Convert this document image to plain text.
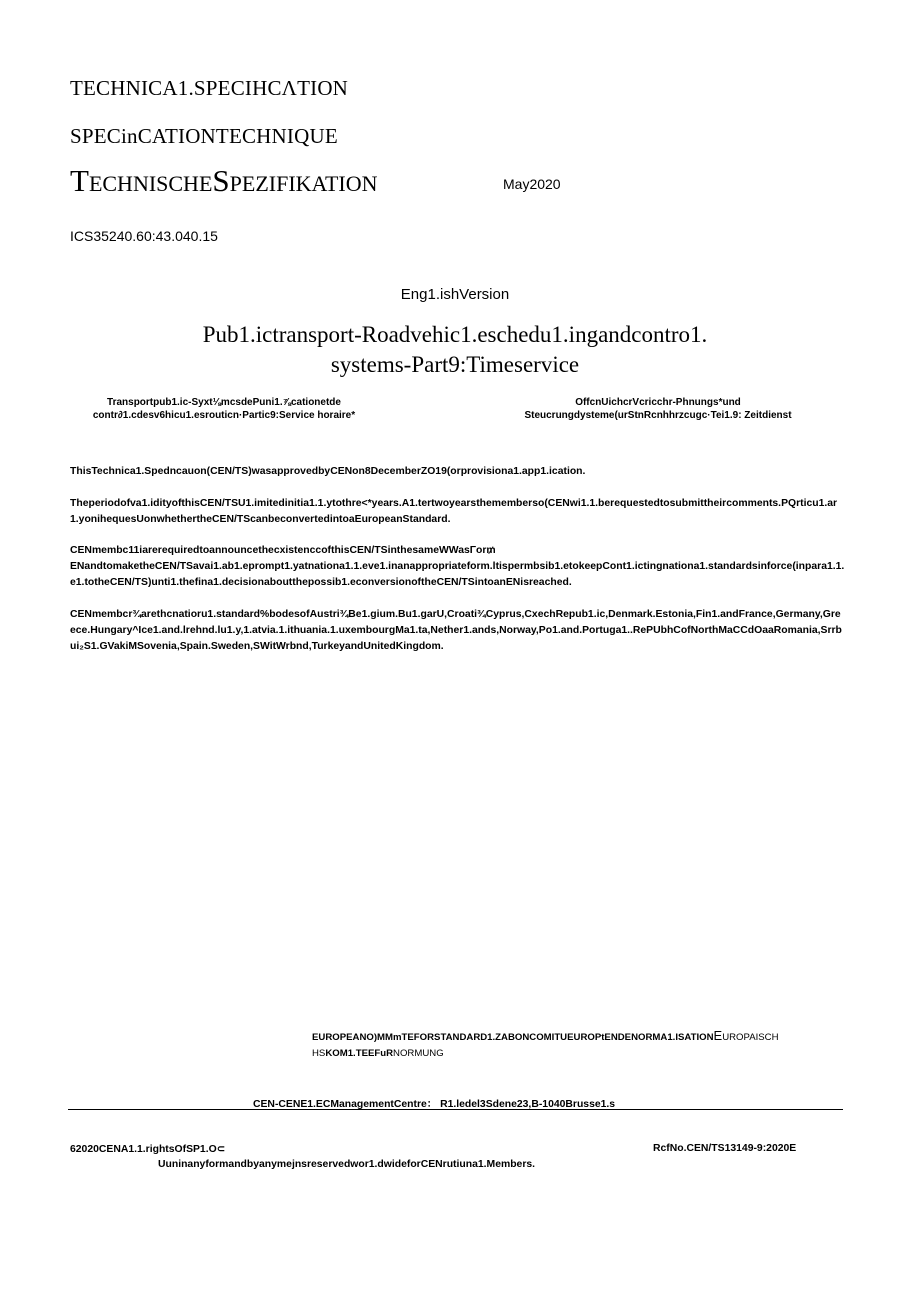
TECHNICA1.SPECIHCΛTION
SPECinCATIONTECHNIQUE
TECHNISCHESPEZIFIKATION	May2020
ICS35240.60:43.040.15
Eng1.ishVersion
Pub1.ictransport-Roadvehic1.eschedu1.ingandcontro1.
systems-Part9:Timeservice
Transportpub1.ic-Syxt⅛mcsdePuni1.⅞cationetde contr∂1.cdesv6hicu1.esrouticn·Partic9:Service horaire*
OffcnUichcrVcricchr-Phnungs*und Steucrungdysteme(urStnRcnhhrzcugc·Tei1.9: Zeitdienst
ThisTechnica1.Spedncauon(CEN/TS)wasapprovedbyCENon8DecemberZO19(orprovisiona1.app1.ication.
Theperiodofva1.idityofthisCEN/TSU1.imitedinitia1.1.ytothre<*years.A1.tertwoyearsthememberso(CENwi1.1.berequestedtosubmittheircomments.PQrticu1.ar1.yonihequesUonwhethertheCEN/TScanbeconvertedintoaEuropeanStandard.
CENmembc11iarerequiredtoannouncethecxistenccofthisCEN/TSinthesameWWasΓor₥
ENandtomaketheCEN/TSavai1.ab1.eprompt1.yatnationa1.1.eve1.inanappropriateform.ltispermbsib1.etokeepCont1.ictingnationa1.standardsinforce(inpara1.1.e1.totheCEN/TS)unti1.thefina1.decisionaboutthepossib1.econversionoftheCEN/TSintoanENisreached.
CENmembcr¾arethcnatioru1.standard%bodesofAustri¾Be1.gium.Bu1.garU,Croati¾Cyprus,CxechRepub1.ic,Denmark.Estonia,Fin1.andFrance,Germany,Greece.Hungary^Ice1.and.lrehnd.lu1.y,1.atvia.1.ithuania.1.uxembourgMa1.ta,Nether1.ands,Norway,Po1.and.Portuga1..RePUbhCofNorthMaCCdOaaRomania,Srrbui₂S1.GVakiMSovenia,Spain.Sweden,SWitWrbnd,TurkeyandUnitedKingdom.
EUROPEANO)MMmTEFORSTANDARD1.ZABONCOMITUEUROPtENDENORMA1.ISATIONEUROPAISCH
HSKOM1.TEEFuRNORMUNG
CEN-CENE1.ECManagementCentre： R1.ledel3Sdene23,B-1040Brusse1.s
62020CENA1.1.rightsOfSP1.O⊂
Uuninanyformandbyanymejnsreservedwor1.dwideforCENrutiuna1.Members.
RcfNo.CEN/TS13149-9:2020E
